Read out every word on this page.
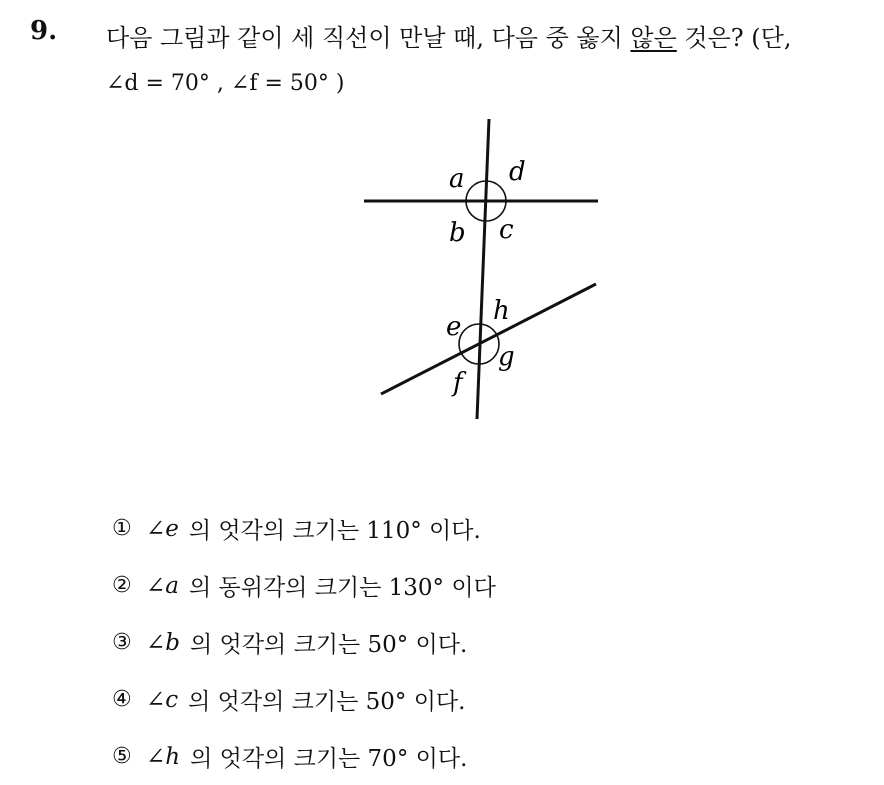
9. 다음 그림과 같이 세 직선이 만날 때, 다음 중 옳지 않은 것은? (단,
∠d = 70° , ∠f = 50° )
a d
b c
e
h
g
f
① ∠e 의 엇각의 크기는 110° 이다.
② ∠a 의 동위각의 크기는 130° 이다
③ ∠b 의 엇각의 크기는 50° 이다.
④ ∠c 의 엇각의 크기는 50° 이다.
⑤ ∠h 의 엇각의 크기는 70° 이다.
